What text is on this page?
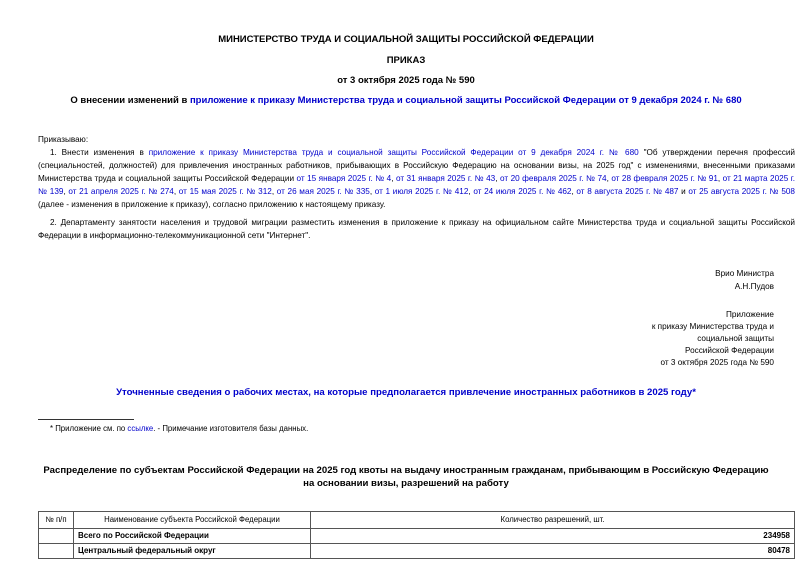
МИНИСТЕРСТВО ТРУДА И СОЦИАЛЬНОЙ ЗАЩИТЫ РОССИЙСКОЙ ФЕДЕРАЦИИ
ПРИКАЗ
от 3 октября 2025 года № 590
О внесении изменений в приложение к приказу Министерства труда и социальной защиты Российской Федерации от 9 декабря 2024 г. № 680
Приказываю:

1. Внести изменения в приложение к приказу Министерства труда и социальной защиты Российской Федерации от 9 декабря 2024 г. № 680 "Об утверждении перечня профессий (специальностей, должностей) для привлечения иностранных работников, прибывающих в Российскую Федерацию на основании визы, на 2025 год" с изменениями, внесенными приказами Министерства труда и социальной защиты Российской Федерации от 15 января 2025 г. № 4, от 31 января 2025 г. № 43, от 20 февраля 2025 г. № 74, от 28 февраля 2025 г. № 91, от 21 марта 2025 г. № 139, от 21 апреля 2025 г. № 274, от 15 мая 2025 г. № 312, от 26 мая 2025 г. № 335, от 1 июля 2025 г. № 412, от 24 июля 2025 г. № 462, от 8 августа 2025 г. № 487 и от 25 августа 2025 г. № 508 (далее - изменения в приложение к приказу), согласно приложению к настоящему приказу.

2. Департаменту занятости населения и трудовой миграции разместить изменения в приложение к приказу на официальном сайте Министерства труда и социальной защиты Российской Федерации в информационно-телекоммуникационной сети "Интернет".

Врио Министра
А.Н.Пудов
Приложение
к приказу Министерства труда и
социальной защиты
Российской Федерации
от 3 октября 2025 года № 590
Уточненные сведения о рабочих местах, на которые предполагается привлечение иностранных работников в 2025 году*
* Приложение см. по ссылке. - Примечание изготовителя базы данных.
Распределение по субъектам Российской Федерации на 2025 год квоты на выдачу иностранным гражданам, прибывающим в Российскую Федерацию на основании визы, разрешений на работу
№ п/п	Наименование субъекта Российской Федерации	Количество разрешений, шт.
	Всего по Российской Федерации	234958
	Центральный федеральный округ	80478
